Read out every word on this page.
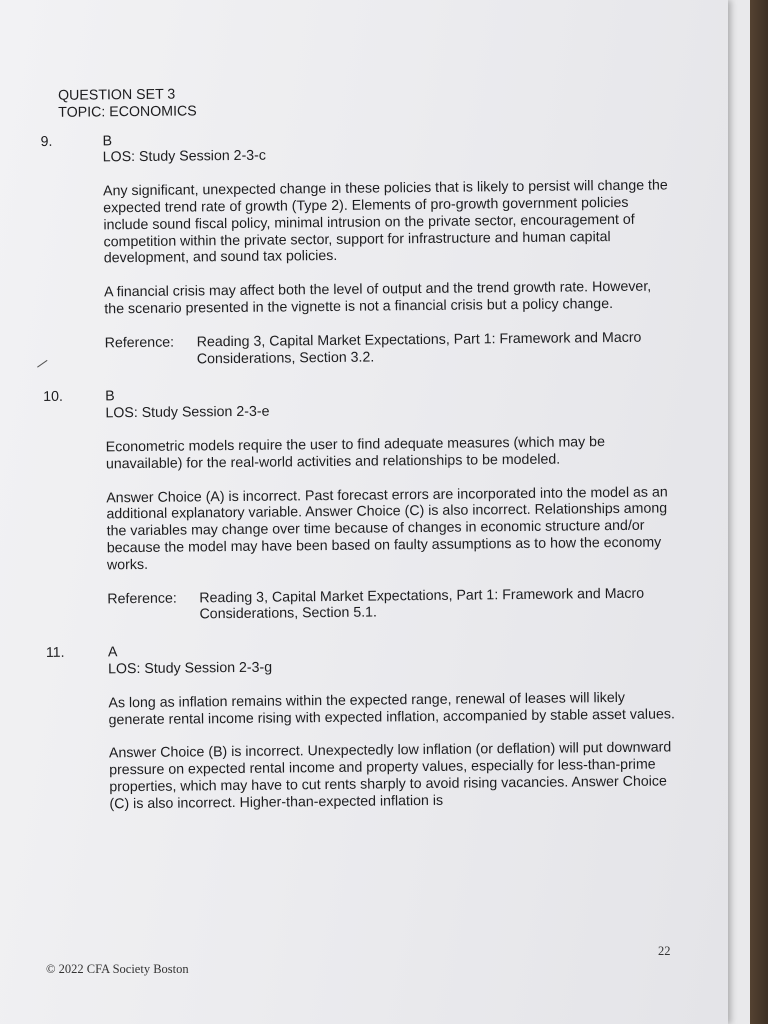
QUESTION SET 3
TOPIC: ECONOMICS
9.	B
LOS: Study Session 2-3-c
Any significant, unexpected change in these policies that is likely to persist will change the expected trend rate of growth (Type 2). Elements of pro-growth government policies include sound fiscal policy, minimal intrusion on the private sector, encouragement of competition within the private sector, support for infrastructure and human capital development, and sound tax policies.
A financial crisis may affect both the level of output and the trend growth rate. However, the scenario presented in the vignette is not a financial crisis but a policy change.
Reference:	Reading 3, Capital Market Expectations, Part 1: Framework and Macro Considerations, Section 3.2.
10.	B
LOS: Study Session 2-3-e
Econometric models require the user to find adequate measures (which may be unavailable) for the real-world activities and relationships to be modeled.
Answer Choice (A) is incorrect. Past forecast errors are incorporated into the model as an additional explanatory variable. Answer Choice (C) is also incorrect. Relationships among the variables may change over time because of changes in economic structure and/or because the model may have been based on faulty assumptions as to how the economy works.
Reference:	Reading 3, Capital Market Expectations, Part 1: Framework and Macro Considerations, Section 5.1.
11.	A
LOS: Study Session 2-3-g
As long as inflation remains within the expected range, renewal of leases will likely generate rental income rising with expected inflation, accompanied by stable asset values.
Answer Choice (B) is incorrect. Unexpectedly low inflation (or deflation) will put downward pressure on expected rental income and property values, especially for less-than-prime properties, which may have to cut rents sharply to avoid rising vacancies. Answer Choice (C) is also incorrect. Higher-than-expected inflation is
22
© 2022 CFA Society Boston
